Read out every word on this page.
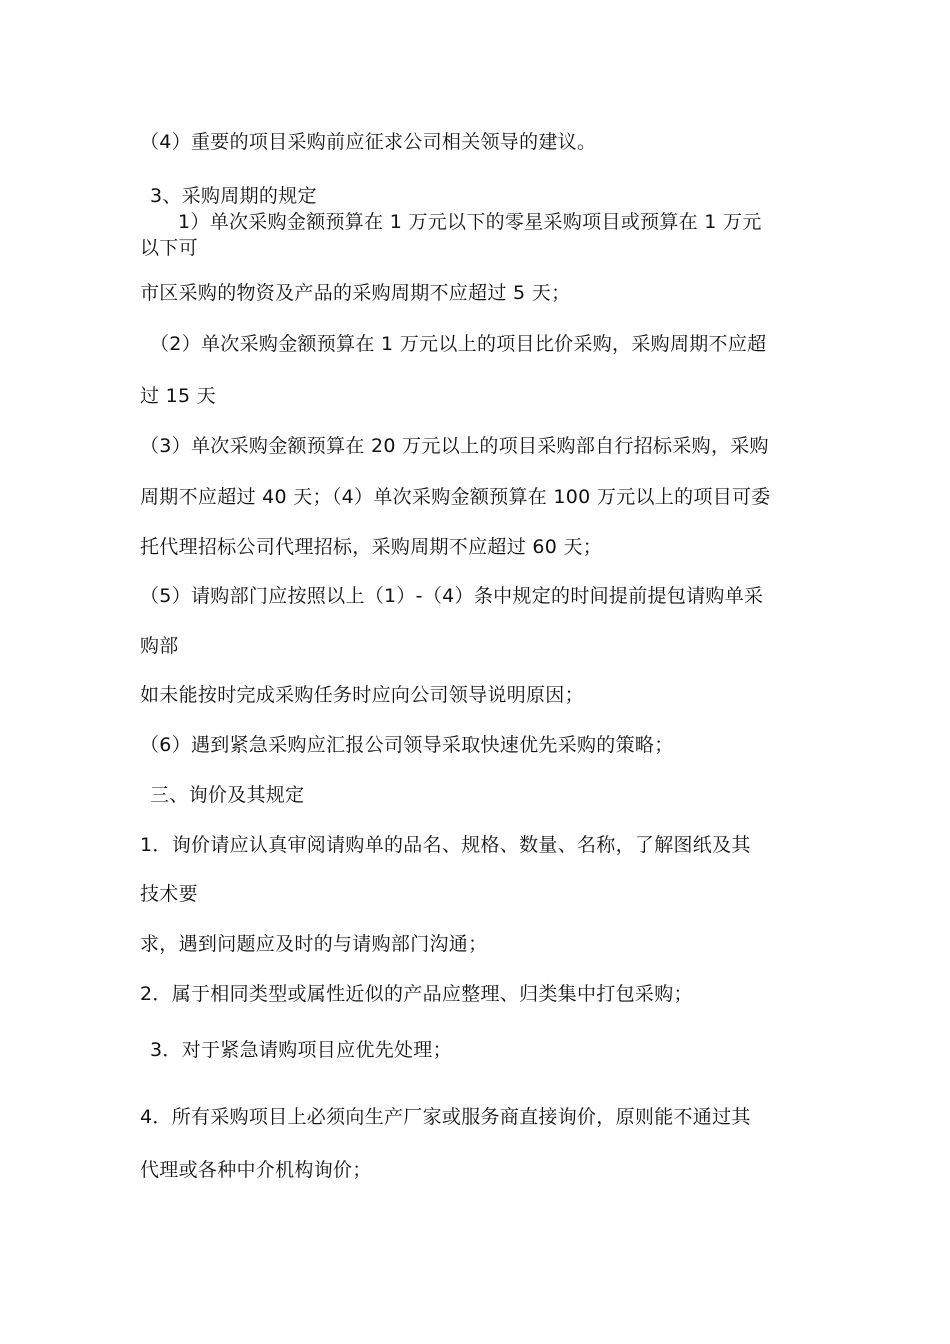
（4）重要的项目采购前应征求公司相关领导的建议。
3、采购周期的规定
1）单次采购金额预算在 1 万元以下的零星采购项目或预算在 1 万元
以下可
市区采购的物资及产品的采购周期不应超过 5 天；
（2）单次采购金额预算在 1 万元以上的项目比价采购，采购周期不应超
过 15 天
（3）单次采购金额预算在 20 万元以上的项目采购部自行招标采购，采购
周期不应超过 40 天；（4）单次采购金额预算在 100 万元以上的项目可委
托代理招标公司代理招标，采购周期不应超过 60 天；
（5）请购部门应按照以上（1）-（4）条中规定的时间提前提包请购单采
购部
如未能按时完成采购任务时应向公司领导说明原因；
（6）遇到紧急采购应汇报公司领导采取快速优先采购的策略；
三、询价及其规定
1．询价请应认真审阅请购单的品名、规格、数量、名称，了解图纸及其
技术要
求，遇到问题应及时的与请购部门沟通；
2．属于相同类型或属性近似的产品应整理、归类集中打包采购；
3．对于紧急请购项目应优先处理；
4．所有采购项目上必须向生产厂家或服务商直接询价，原则能不通过其
代理或各种中介机构询价；
